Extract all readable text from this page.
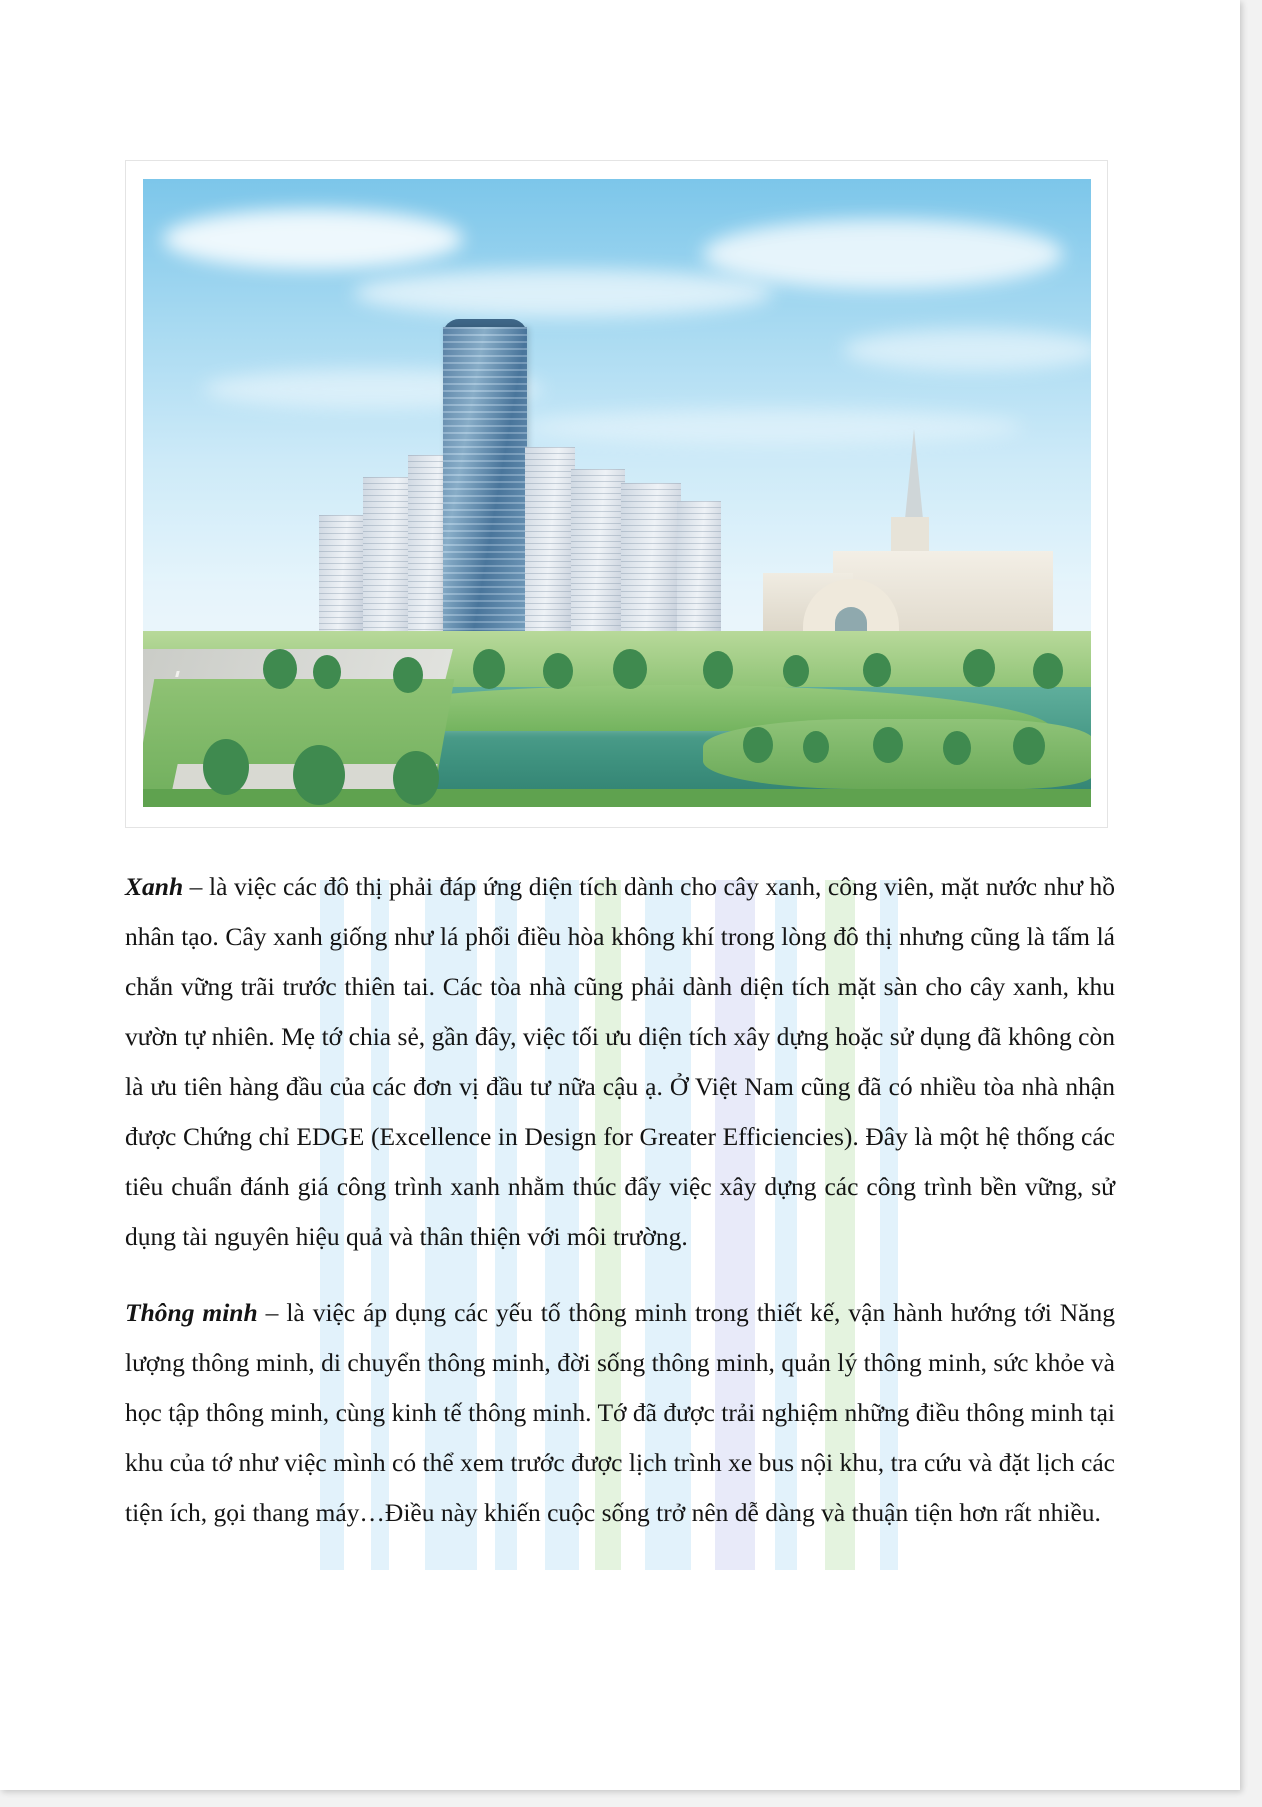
Xanh – là việc các đô thị phải đáp ứng diện tích dành cho cây xanh, công viên, mặt nước như hồ nhân tạo. Cây xanh giống như lá phổi điều hòa không khí trong lòng đô thị nhưng cũng là tấm lá chắn vững trãi trước thiên tai. Các tòa nhà cũng phải dành diện tích mặt sàn cho cây xanh, khu vườn tự nhiên. Mẹ tớ chia sẻ, gần đây, việc tối ưu diện tích xây dựng hoặc sử dụng đã không còn là ưu tiên hàng đầu của các đơn vị đầu tư nữa cậu ạ. Ở Việt Nam cũng đã có nhiều tòa nhà nhận được Chứng chỉ EDGE (Excellence in Design for Greater Efficiencies). Đây là một hệ thống các tiêu chuẩn đánh giá công trình xanh nhằm thúc đẩy việc xây dựng các công trình bền vững, sử dụng tài nguyên hiệu quả và thân thiện với môi trường.

Thông minh – là việc áp dụng các yếu tố thông minh trong thiết kế, vận hành hướng tới Năng lượng thông minh, di chuyển thông minh, đời sống thông minh, quản lý thông minh, sức khỏe và học tập thông minh, cùng kinh tế thông minh. Tớ đã được trải nghiệm những điều thông minh tại khu của tớ như việc mình có thể xem trước được lịch trình xe bus nội khu, tra cứu và đặt lịch các tiện ích, gọi thang máy…Điều này khiến cuộc sống trở nên dễ dàng và thuận tiện hơn rất nhiều.
